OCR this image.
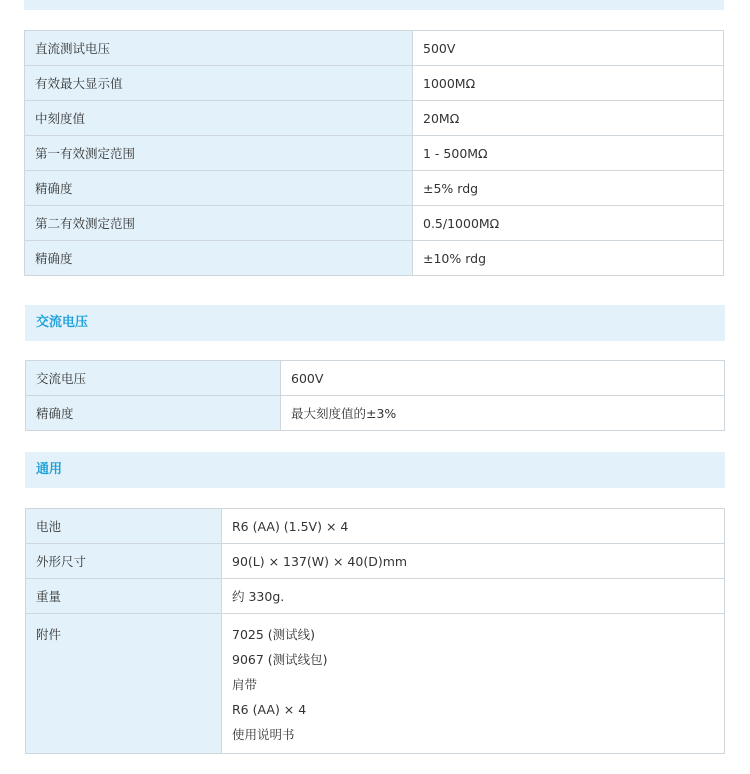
直流测试电压	500V
有效最大显示值	1000MΩ
中刻度值	20MΩ
第一有效测定范围	1 - 500MΩ
精确度	±5% rdg
第二有效测定范围	0.5/1000MΩ
精确度	±10% rdg
交流电压
交流电压	600V
精确度	最大刻度值的±3%
通用
电池	R6 (AA) (1.5V) × 4
外形尺寸	90(L) × 137(W) × 40(D)mm
重量	约 330g.

附件	7025 (测试线)
9067 (测试线包)
肩带
R6 (AA) × 4
使用说明书
